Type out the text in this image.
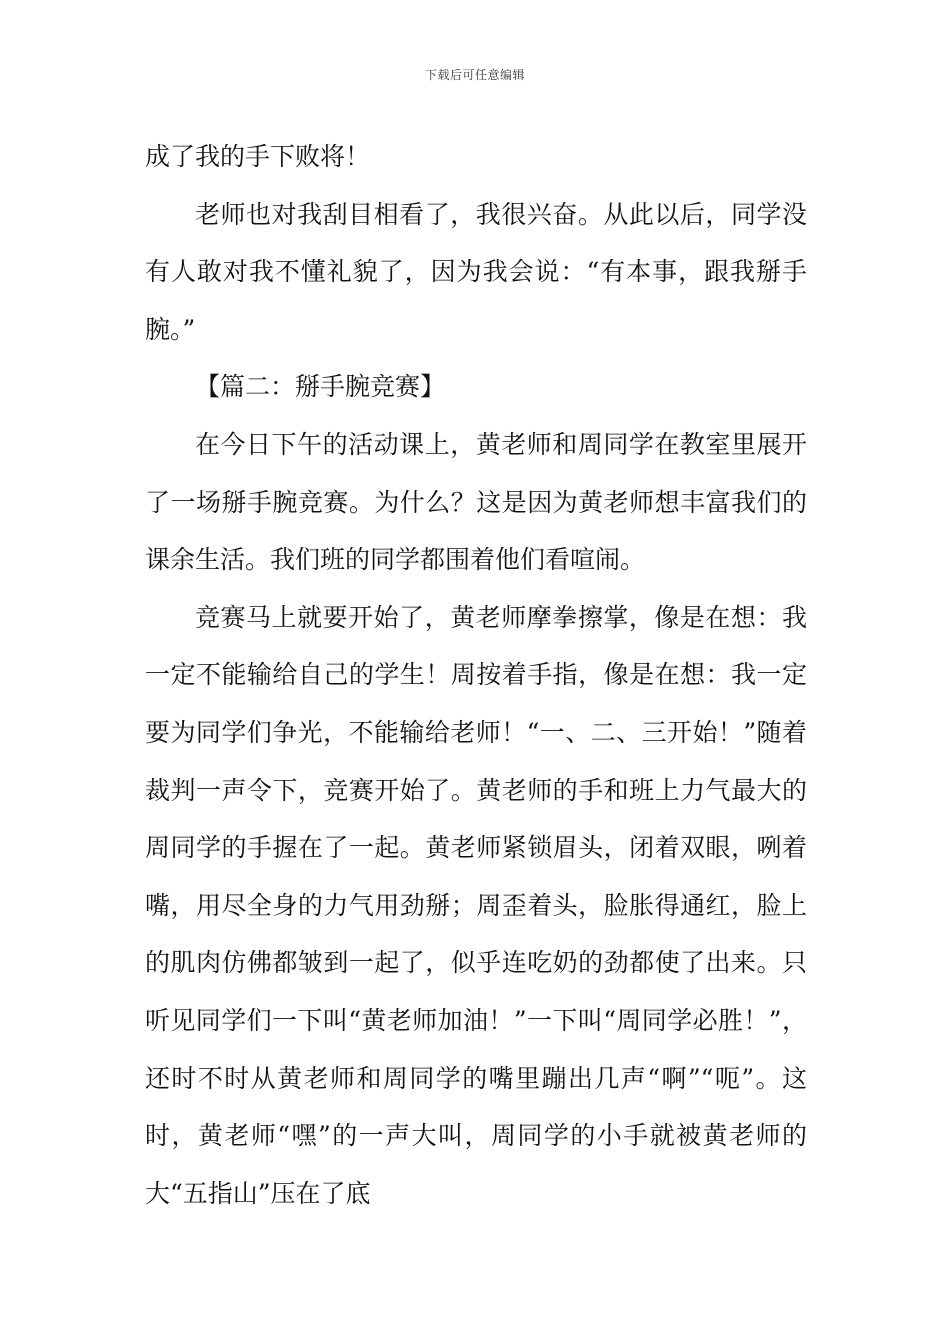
下载后可任意编辑

成了我的手下败将！

老师也对我刮目相看了，我很兴奋。从此以后，同学没有人敢对我不懂礼貌了，因为我会说：“有本事，跟我掰手腕。”

【篇二：掰手腕竞赛】

在今日下午的活动课上，黄老师和周同学在教室里展开了一场掰手腕竞赛。为什么？这是因为黄老师想丰富我们的课余生活。我们班的同学都围着他们看喧闹。

竞赛马上就要开始了，黄老师摩拳擦掌，像是在想：我一定不能输给自己的学生！周按着手指，像是在想：我一定要为同学们争光，不能输给老师！“一、二、三开始！”随着裁判一声令下，竞赛开始了。黄老师的手和班上力气最大的周同学的手握在了一起。黄老师紧锁眉头，闭着双眼，咧着嘴，用尽全身的力气用劲掰；周歪着头，脸胀得通红，脸上的肌肉仿佛都皱到一起了，似乎连吃奶的劲都使了出来。只听见同学们一下叫“黄老师加油！”一下叫“周同学必胜！”，还时不时从黄老师和周同学的嘴里蹦出几声“啊”“呃”。这时，黄老师“嘿”的一声大叫，周同学的小手就被黄老师的大“五指山”压在了底
